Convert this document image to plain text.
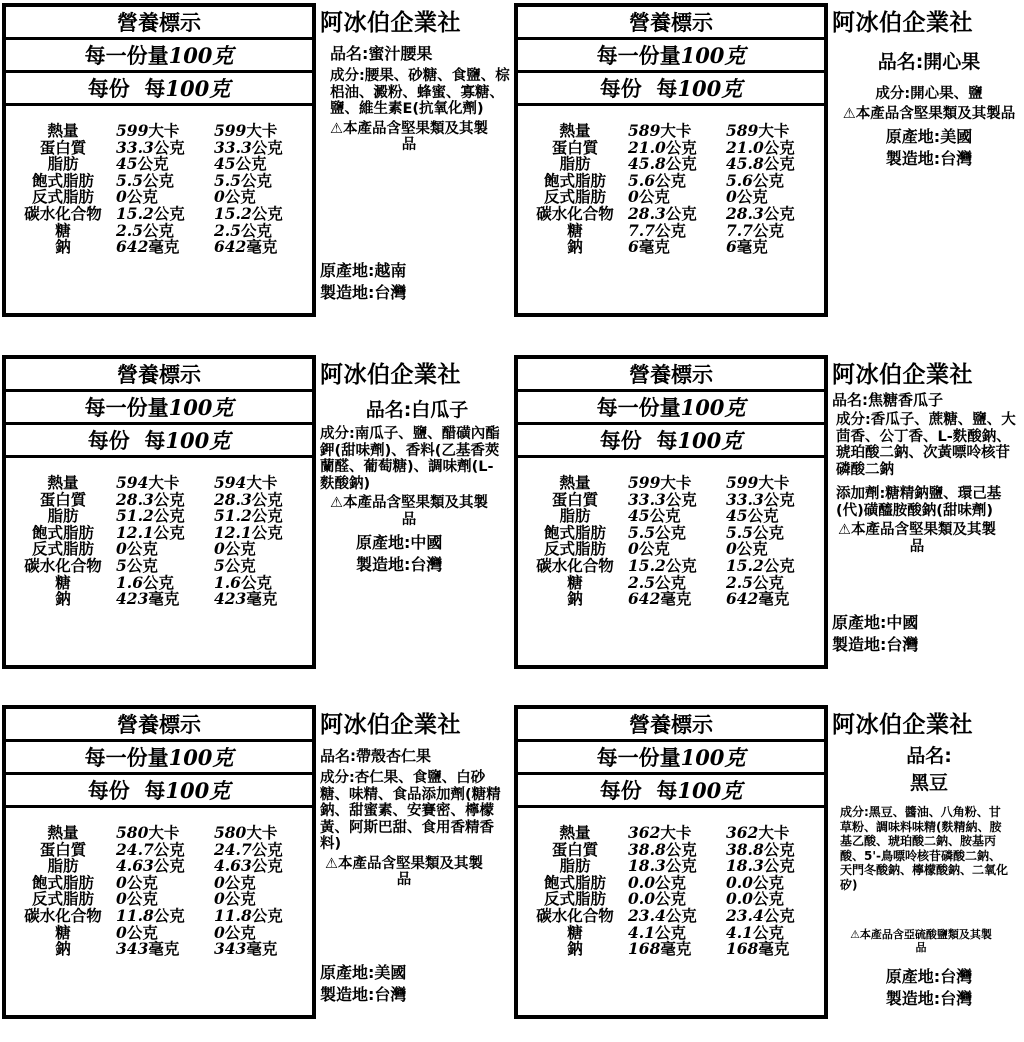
營養標示
每一份量 100克
每份
每 100克
熱量	599大卡	599大卡
蛋白質	33.3公克	33.3公克
脂肪	45公克	45公克
飽式脂肪	5.5公克	5.5公克
反式脂肪	0公克	0公克
碳水化合物 15.2公克	15.2公克
糖	2.5公克	2.5公克
鈉	642毫克	642毫克
阿冰伯企業社
品名:蜜汁腰果
成分:腰果、砂糖、食鹽、棕梠油、澱粉、蜂蜜、寡糖、鹽、維生素E(抗氧化劑)
⚠本產品含堅果類及其製品
原產地:越南
製造地:台灣
營養標示
每一份量 100克
每份
每 100克
熱量	589大卡	589大卡
蛋白質	21.0公克	21.0公克
脂肪	45.8公克	45.8公克
飽式脂肪	5.6公克	5.6公克
反式脂肪	0公克	0公克
碳水化合物 28.3公克	28.3公克
糖	7.7公克	7.7公克
鈉	6毫克	6毫克
阿冰伯企業社
品名:開心果
成分:開心果、鹽
⚠本產品含堅果類及其製品
原產地:美國
製造地:台灣
營養標示
每一份量 100克
每份
每 100克
熱量	594大卡	594大卡
蛋白質	28.3公克	28.3公克
脂肪	51.2公克	51.2公克
飽式脂肪	12.1公克	12.1公克
反式脂肪	0公克	0公克
碳水化合物 5公克	5公克
糖	1.6公克	1.6公克
鈉	423毫克	423毫克
阿冰伯企業社
品名:白瓜子
成分:南瓜子、鹽、醋磺內酯鉀(甜味劑)、香料(乙基香莢蘭醛、葡萄糖)、調味劑(L-麩酸鈉)
⚠本產品含堅果類及其製品
原產地:中國
製造地:台灣
營養標示
每一份量 100克
每份
每 100克
熱量	599大卡	599大卡
蛋白質	33.3公克	33.3公克
脂肪	45公克	45公克
飽式脂肪	5.5公克	5.5公克
反式脂肪	0公克	0公克
碳水化合物 15.2公克	15.2公克
糖	2.5公克	2.5公克
鈉	642毫克	642毫克
阿冰伯企業社
品名:焦糖香瓜子
成分:香瓜子、蔗糖、鹽、大茴香、公丁香、L-麩酸鈉、琥珀酸二鈉、次黃嘌呤核苷磷酸二鈉
添加劑:糖精鈉鹽、環己基(代)磺醯胺酸鈉(甜味劑)
⚠本產品含堅果類及其製品
原產地:中國
製造地:台灣
營養標示
每一份量 100克
每份
每 100克
熱量	580大卡	580大卡
蛋白質	24.7公克	24.7公克
脂肪	4.63公克	4.63公克
飽式脂肪	0公克	0公克
反式脂肪	0公克	0公克
碳水化合物 11.8公克	11.8公克
糖	0公克	0公克
鈉	343毫克	343毫克
阿冰伯企業社
品名:帶殼杏仁果
成分:杏仁果、食鹽、白砂糖、味精、食品添加劑(糖精鈉、甜蜜素、安賽密、檸檬黃、阿斯巴甜、食用香精香料)
⚠本產品含堅果類及其製品
原產地:美國
製造地:台灣
營養標示
每一份量 100克
每份
每 100克
熱量	362大卡	362大卡
蛋白質	38.8公克	38.8公克
脂肪	18.3公克	18.3公克
飽式脂肪	0.0公克	0.0公克
反式脂肪	0.0公克	0.0公克
碳水化合物 23.4公克	23.4公克
糖	4.1公克	4.1公克
鈉	168毫克	168毫克
阿冰伯企業社
品名:
黑豆
成分:黑豆、醬油、八角粉、甘草粉、調味料味精(麩精納、胺基乙酸、琥珀酸二鈉、胺基丙酸、5'-鳥嘌呤核苷磷酸二鈉、天門冬酸鈉、檸檬酸鈉、二氧化矽)
⚠本產品含亞硫酸鹽類及其製品
原產地:台灣
製造地:台灣
